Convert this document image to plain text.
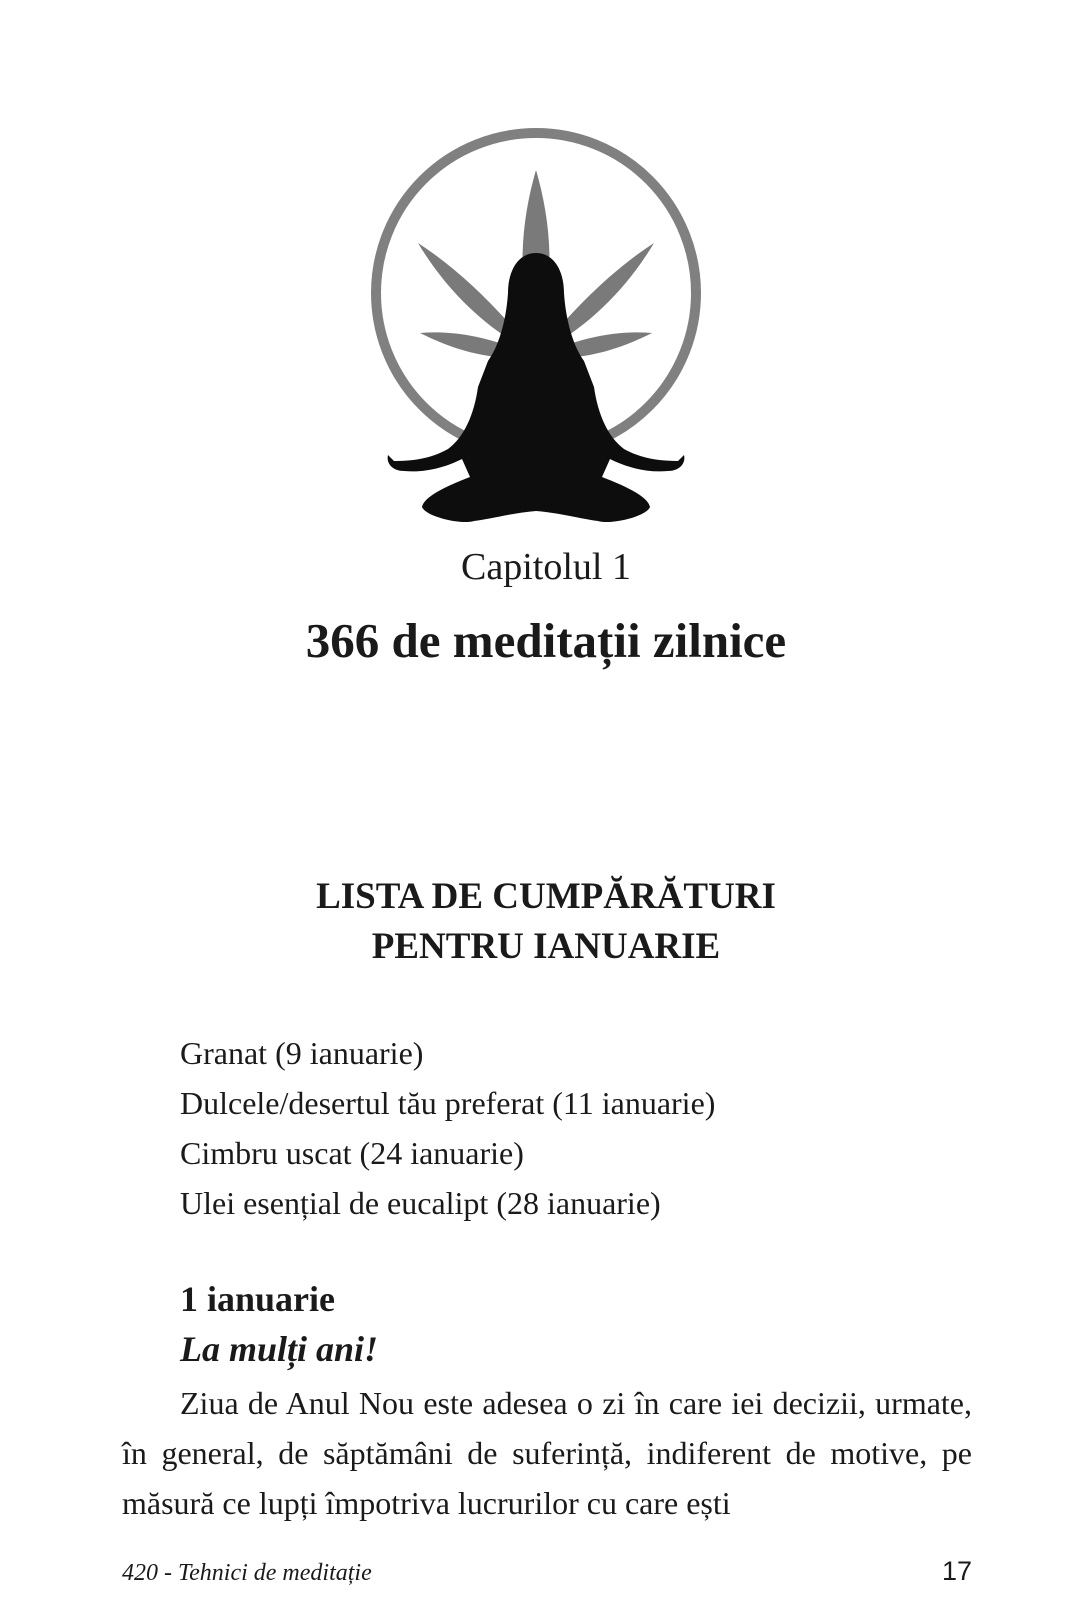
Capitolul 1
366 de meditații zilnice
LISTA DE CUMPĂRĂTURI
PENTRU IANUARIE
Granat (9 ianuarie)
Dulcele/desertul tău preferat (11 ianuarie)
Cimbru uscat (24 ianuarie)
Ulei esențial de eucalipt (28 ianuarie)
1 ianuarie
La mulți ani!

Ziua de Anul Nou este adesea o zi în care iei decizii, urmate, în general, de săptămâni de suferință, indiferent de motive, pe măsură ce lupți împotriva lucrurilor cu care ești

420 - Tehnici de meditație	17
